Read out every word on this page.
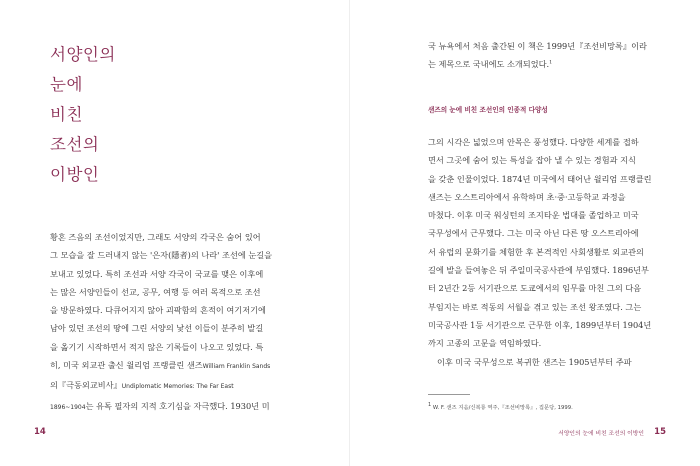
서양인의
눈에
비친
조선의
이방인

황혼 즈음의 조선이었지만, 그래도 서양의 각국은 숨어 있어

그 모습을 잘 드러내지 않는 '은자(隱者)의 나라' 조선에 눈길을

보내고 있었다. 특히 조선과 서양 각국이 국교를 맺은 이후에

는 많은 서양인들이 선교, 공무, 여행 등 여러 목적으로 조선

을 방문하였다. 다큐어지지 않아 괴팍함의 흔적이 여기저기에

남아 있던 조선의 땅에 그린 서양의 낯선 이들이 분주히 발길

을 옮기기 시작하면서 적지 않은 기록들이 나오고 있었다. 특

히, 미국 외교관 출신 윌리엄 프랭클린 샌즈William Franklin Sands

의『극동외교비사』Undiplomatic Memories: The Far East

1896~1904는 유독 필자의 지적 호기심을 자극했다. 1930년 미

14

국 뉴욕에서 처음 출간된 이 책은 1999년『조선비망록』이라

는 제목으로 국내에도 소개되었다.$^1$

샌즈의 눈에 비친 조선인의 인종적 다양성

그의 시각은 넓었으며 안목은 풍성했다. 다양한 세계를 접하

면서 그곳에 숨어 있는 특성을 잡아 낼 수 있는 경험과 지식

을 갖춘 인물이었다. 1874년 미국에서 태어난 윌리엄 프랭클린

샌즈는 오스트리아에서 유학하며 초·중·고등학교 과정을

마쳤다. 이후 미국 워싱턴의 조지타운 법대를 졸업하고 미국

국무성에서 근무했다. 그는 미국 아닌 다른 땅 오스트리아에

서 유럽의 문화기를 체험한 후 본격적인 사회생활로 외교관의

길에 발을 들여놓은 뒤 주일미국공사관에 부임했다. 1896년부

터 2년간 2등 서기관으로 도쿄에서의 임무를 마친 그의 다음

부임지는 바로 적동의 서월을 겪고 있는 조선 왕조였다. 그는

미국공사관 1등 서기관으로 근무한 이후, 1899년부터 1904년

까지 고종의 고문을 역임하였다.

이후 미국 국무성으로 복귀한 샌즈는 1905년부터 주파

$^1$ W. F. 샌즈 지음/신복룡 역주,『조선비망록』, 집문당, 1999.
서양인의 눈에 비친 조선의 이방인 15
